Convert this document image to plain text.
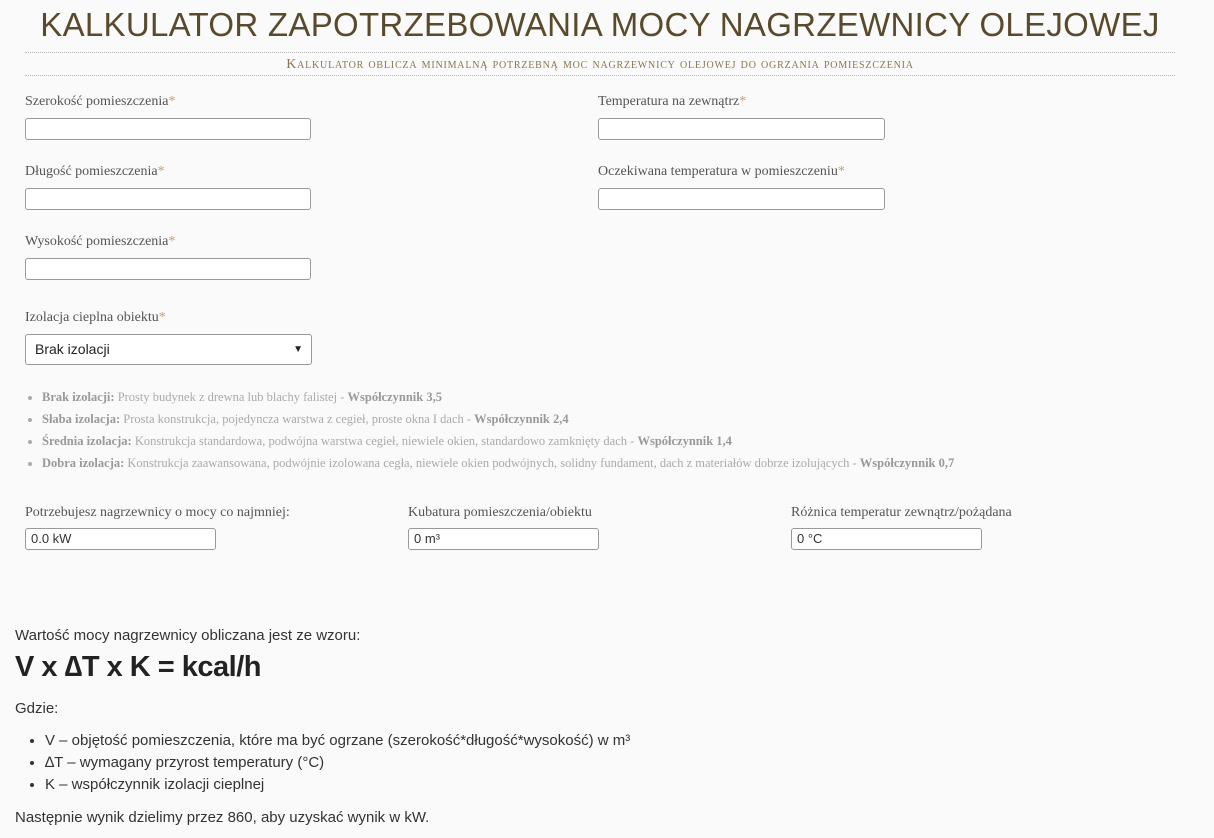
KALKULATOR ZAPOTRZEBOWANIA MOCY NAGRZEWNICY OLEJOWEJ
Kalkulator oblicza minimalną potrzebną moc nagrzewnicy olejowej do ogrzania pomieszczenia
Szerokość pomieszczenia*
Długość pomieszczenia*
Wysokość pomieszczenia*
Izolacja cieplna obiektu*
Brak izolacji	▼
Temperatura na zewnątrz*
Oczekiwana temperatura w pomieszczeniu*
• Brak izolacji: Prosty budynek z drewna lub blachy falistej - Współczynnik 3,5
• Słaba izolacja: Prosta konstrukcja, pojedyncza warstwa z cegieł, proste okna I dach - Współczynnik 2,4
• Średnia izolacja: Konstrukcja standardowa, podwójna warstwa cegieł, niewiele okien, standardowo zamknięty dach - Współczynnik 1,4
• Dobra izolacja: Konstrukcja zaawansowana, podwójnie izolowana cegła, niewiele okien podwójnych, solidny fundament, dach z materiałów dobrze izolujących - Współczynnik 0,7
Potrzebujesz nagrzewnicy o mocy co najmniej:
0.0 kW
Kubatura pomieszczenia/obiektu
0 m³
Różnica temperatur zewnątrz/pożądana
0 °C
Wartość mocy nagrzewnicy obliczana jest ze wzoru:
V x ∆T x K = kcal/h
Gdzie:
• V – objętość pomieszczenia, które ma być ogrzane (szerokość*długość*wysokość) w m³
• ∆T – wymagany przyrost temperatury (°C)
• K – współczynnik izolacji cieplnej
Następnie wynik dzielimy przez 860, aby uzyskać wynik w kW.
